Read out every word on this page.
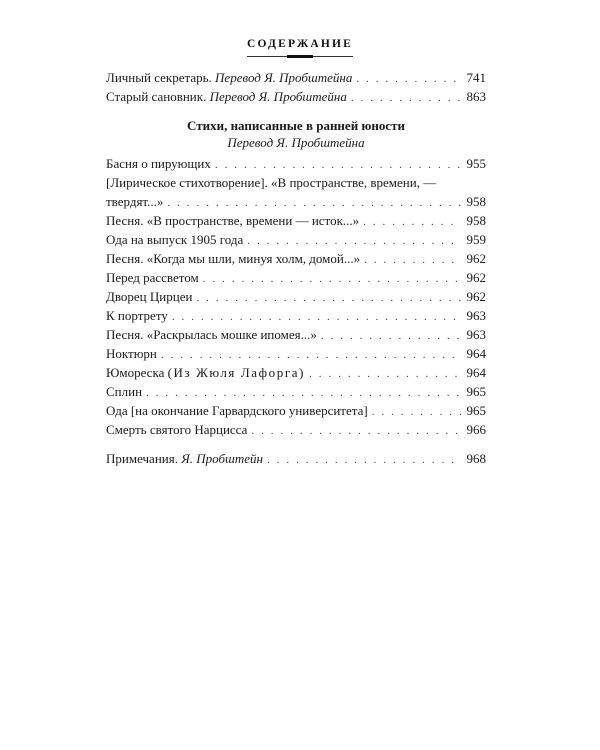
СОДЕРЖАНИЕ
Личный секретарь. Перевод Я. Пробштейна . . .	741
Старый сановник. Перевод Я. Пробштейна . . .	863
Стихи, написанные в ранней юности
Перевод Я. Пробштейна
Басня о пирующих . . .	955
[Лирическое стихотворение]. «В пространстве, времени, —
твердят...» . . .	958
Песня. «В пространстве, времени — исток...» . . .	958
Ода на выпуск 1905 года . . .	959
Песня. «Когда мы шли, минуя холм, домой...» . . .	962
Перед рассветом . . .	962
Дворец Цирцеи . . .	962
К портрету . . .	963
Песня. «Раскрылась мошке ипомея...» . . .	963
Ноктюрн . . .	964
Юмореска (Из Жюля Лафорга) . . .	964
Сплин . . .	965
Ода [на окончание Гарвардского университета] . . .	965
Смерть святого Нарцисса . . .	966
Примечания. Я. Пробштейн . . .	968
